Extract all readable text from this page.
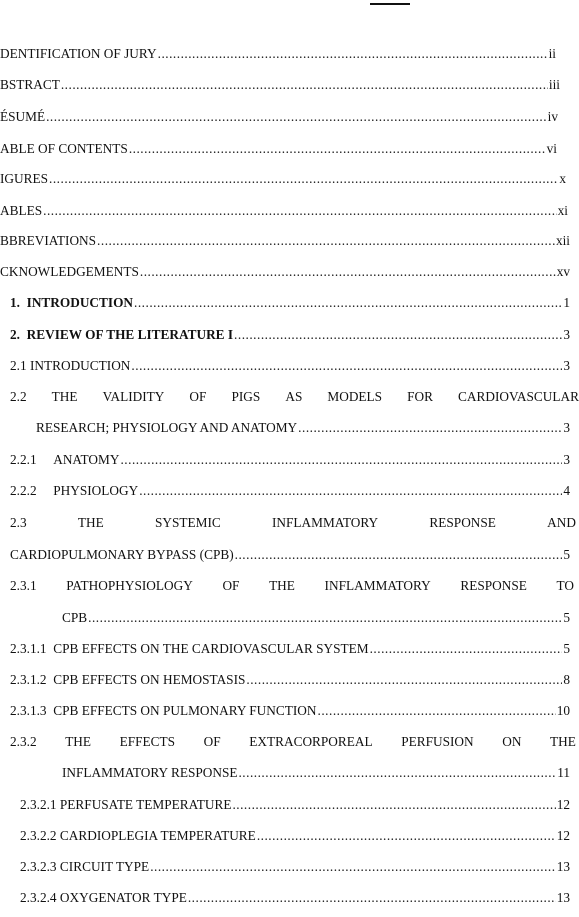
DENTIFICATION OF JURY .....	ii
BSTRACT .....	iii
ÉSUMÉ .....	iv
ABLE OF CONTENTS .....	vi
IGURES .....	x
ABLES .....	xi
BBREVIATIONS .....	xii
CKNOWLEDGEMENTS .....	xv
1. INTRODUCTION .....	1
2. REVIEW OF THE LITERATURE I .....	3
2.1 INTRODUCTION .....	3
2.2 THE VALIDITY OF PIGS AS MODELS FOR CARDIOVASCULAR
RESEARCH; PHYSIOLOGY AND ANATOMY .....	3
2.2.1 ANATOMY .....	3
2.2.2 PHYSIOLOGY .....	4
2.3	THE	SYSTEMIC	INFLAMMATORY	RESPONSE	AND
CARDIOPULMONARY BYPASS (CPB) .....	5
2.3.1 PATHOPHYSIOLOGY OF THE INFLAMMATORY RESPONSE TO
CPB .....	5
2.3.1.1 CPB EFFECTS ON THE CARDIOVASCULAR SYSTEM .....	5
2.3.1.2 CPB EFFECTS ON HEMOSTASIS .....	8
2.3.1.3 CPB EFFECTS ON PULMONARY FUNCTION .....	10
2.3.2 THE EFFECTS OF EXTRACORPOREAL PERFUSION ON THE
INFLAMMATORY RESPONSE .....	11
2.3.2.1 PERFUSATE TEMPERATURE .....	12
2.3.2.2 CARDIOPLEGIA TEMPERATURE .....	12
2.3.2.3 CIRCUIT TYPE .....	13
2.3.2.4 OXYGENATOR TYPE .....	13
